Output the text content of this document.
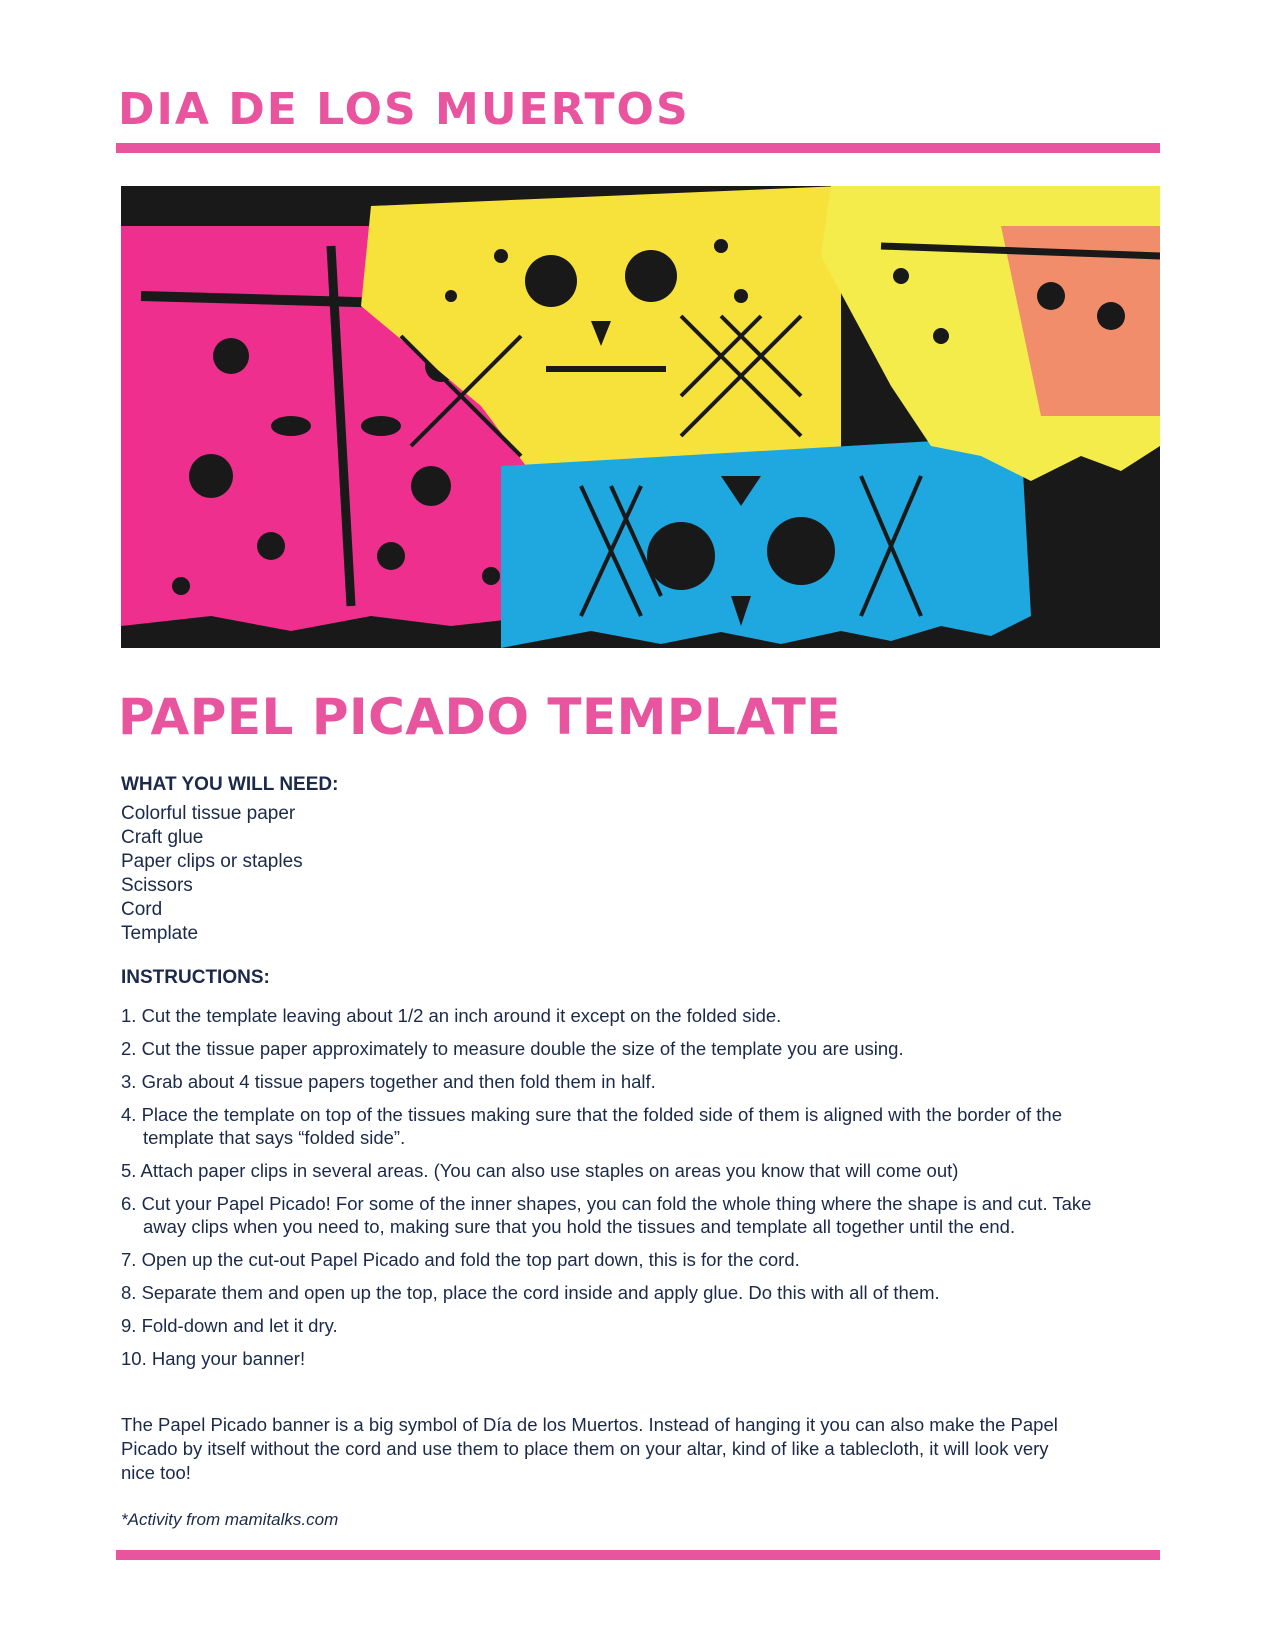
DIA DE LOS MUERTOS
PAPEL PICADO TEMPLATE
WHAT YOU WILL NEED:
Colorful tissue paper
Craft glue
Paper clips or staples
Scissors
Cord
Template
INSTRUCTIONS:
1. Cut the template leaving about 1/2 an inch around it except on the folded side.
2. Cut the tissue paper approximately to measure double the size of the template you are using.
3. Grab about 4 tissue papers together and then fold them in half.
4. Place the template on top of the tissues making sure that the folded side of them is aligned with the border of the template that says “folded side”.
5. Attach paper clips in several areas. (You can also use staples on areas you know that will come out)
6. Cut your Papel Picado! For some of the inner shapes, you can fold the whole thing where the shape is and cut. Take away clips when you need to, making sure that you hold the tissues and template all together until the end.
7. Open up the cut-out Papel Picado and fold the top part down, this is for the cord.
8. Separate them and open up the top, place the cord inside and apply glue. Do this with all of them.
9. Fold-down and let it dry.
10. Hang your banner!

The Papel Picado banner is a big symbol of Día de los Muertos. Instead of hanging it you can also make the Papel Picado by itself without the cord and use them to place them on your altar, kind of like a tablecloth, it will look very nice too!

*Activity from mamitalks.com
